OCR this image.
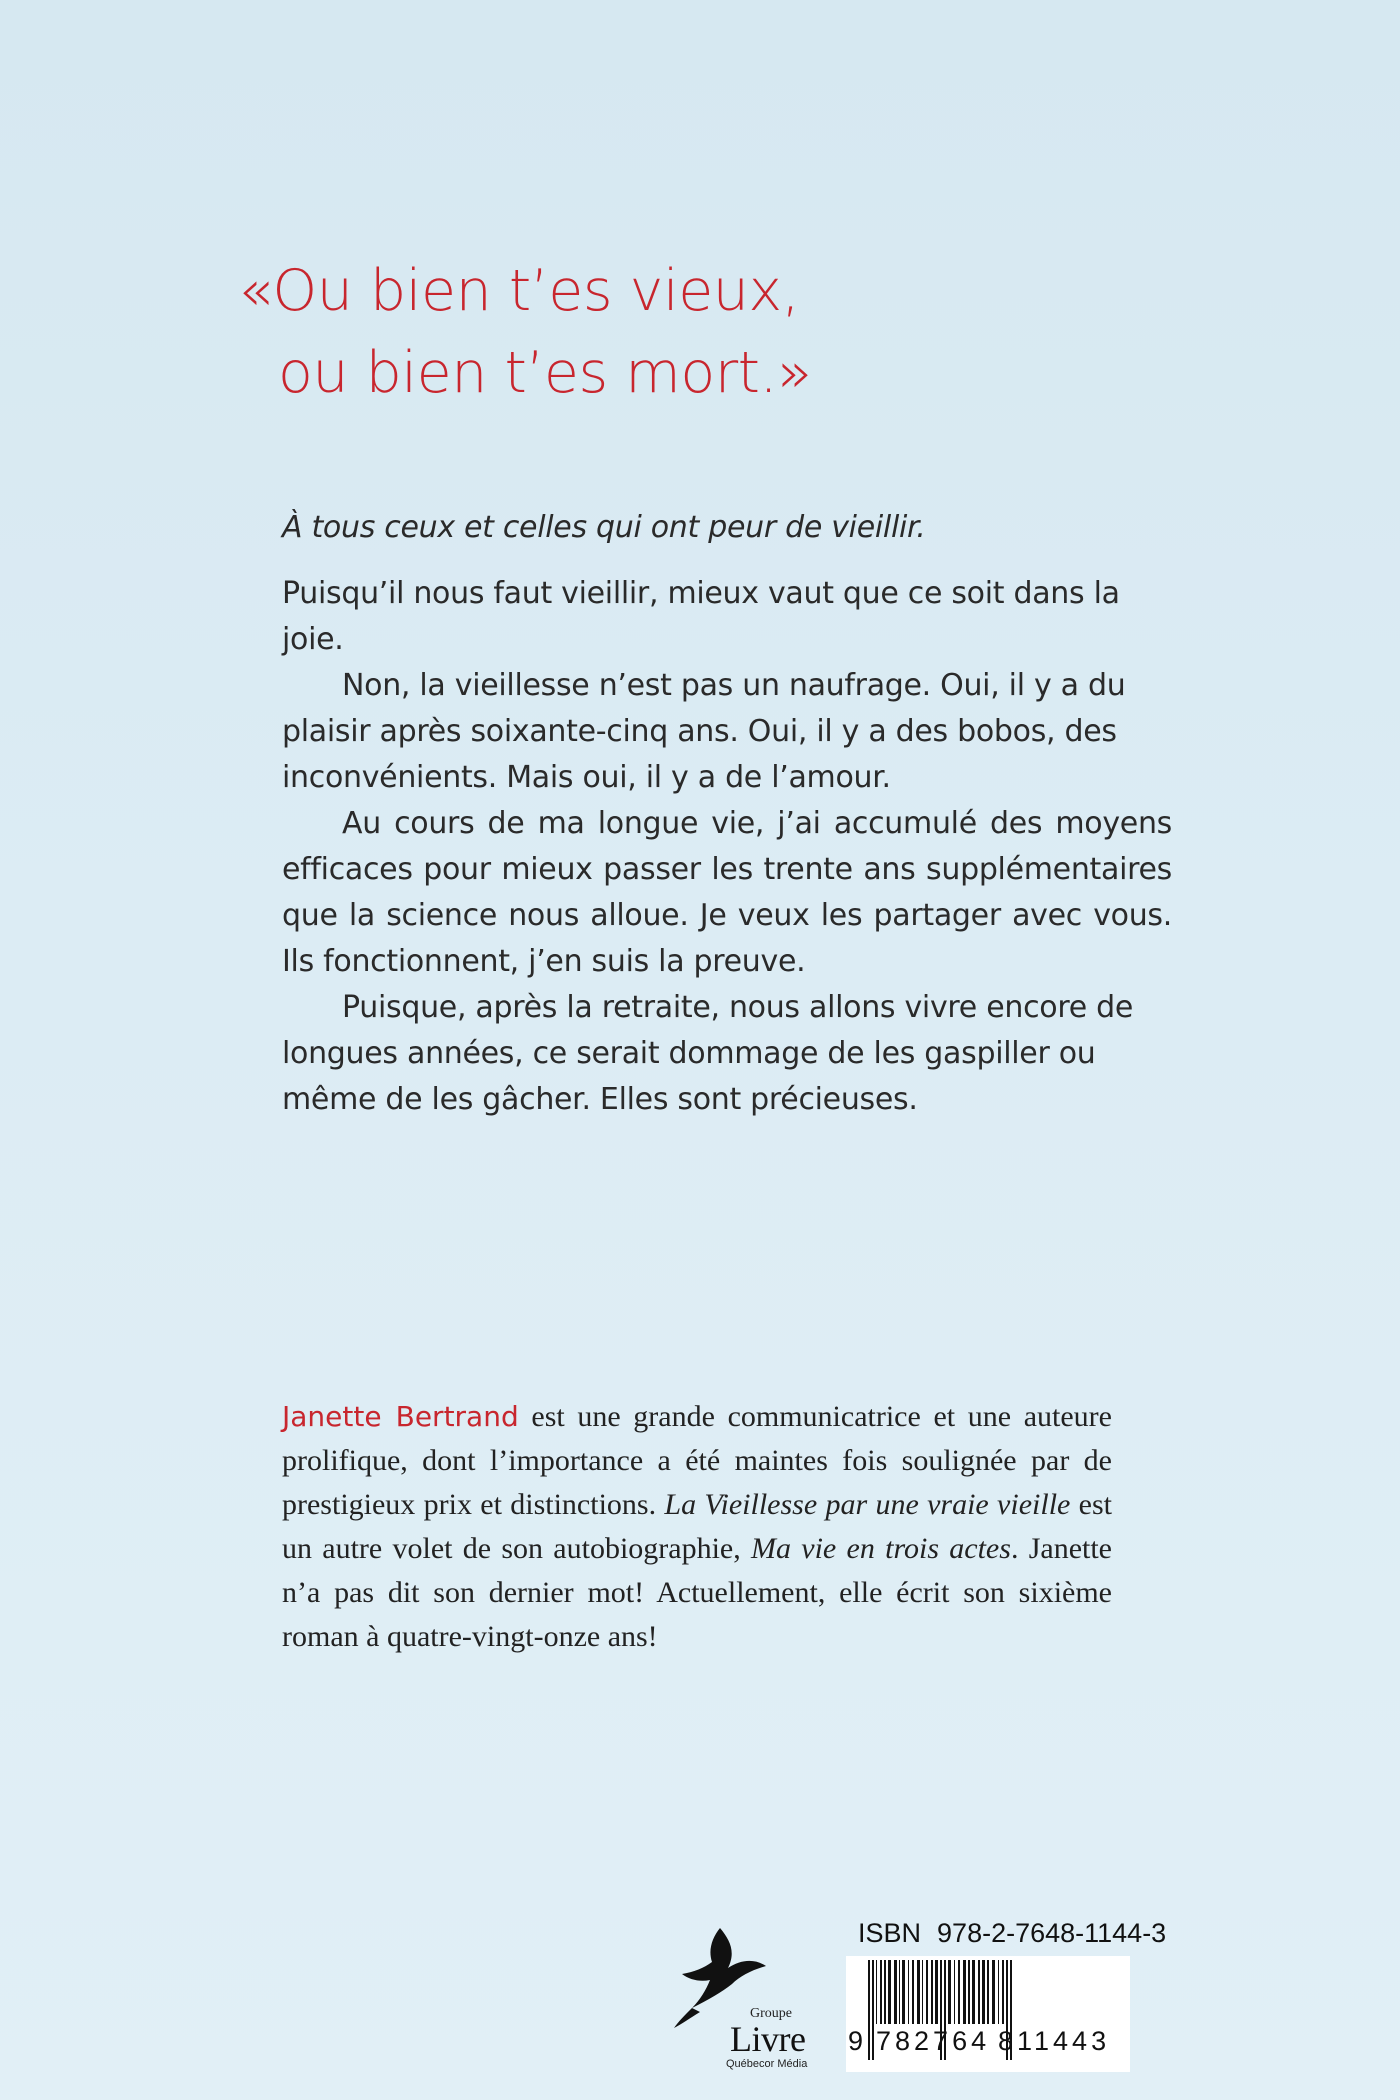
«Ou bien t’es vieux,
ou bien t’es mort.»

À tous ceux et celles qui ont peur de vieillir.

Puisqu’il nous faut vieillir, mieux vaut que ce soit dans la joie.

Non, la vieillesse n’est pas un naufrage. Oui, il y a du plaisir après soixante-cinq ans. Oui, il y a des bobos, des inconvénients. Mais oui, il y a de l’amour.

Au cours de ma longue vie, j’ai accumulé des moyens efficaces pour mieux passer les trente ans supplémentaires que la science nous alloue. Je veux les partager avec vous. Ils fonctionnent, j’en suis la preuve.

Puisque, après la retraite, nous allons vivre encore de longues années, ce serait dommage de les gaspiller ou même de les gâcher. Elles sont précieuses.

Janette Bertrand est une grande communicatrice et une auteure prolifique, dont l’importance a été maintes fois soulignée par de prestigieux prix et distinctions. La Vieillesse par une vraie vieille est un autre volet de son autobiographie, Ma vie en trois actes. Janette n’a pas dit son dernier mot! Actuellement, elle écrit son sixième roman à quatre-vingt-onze ans!
Groupe
Livre
Québecor Média
ISBN 978-2-7648-1144-3
9 782764 811443
